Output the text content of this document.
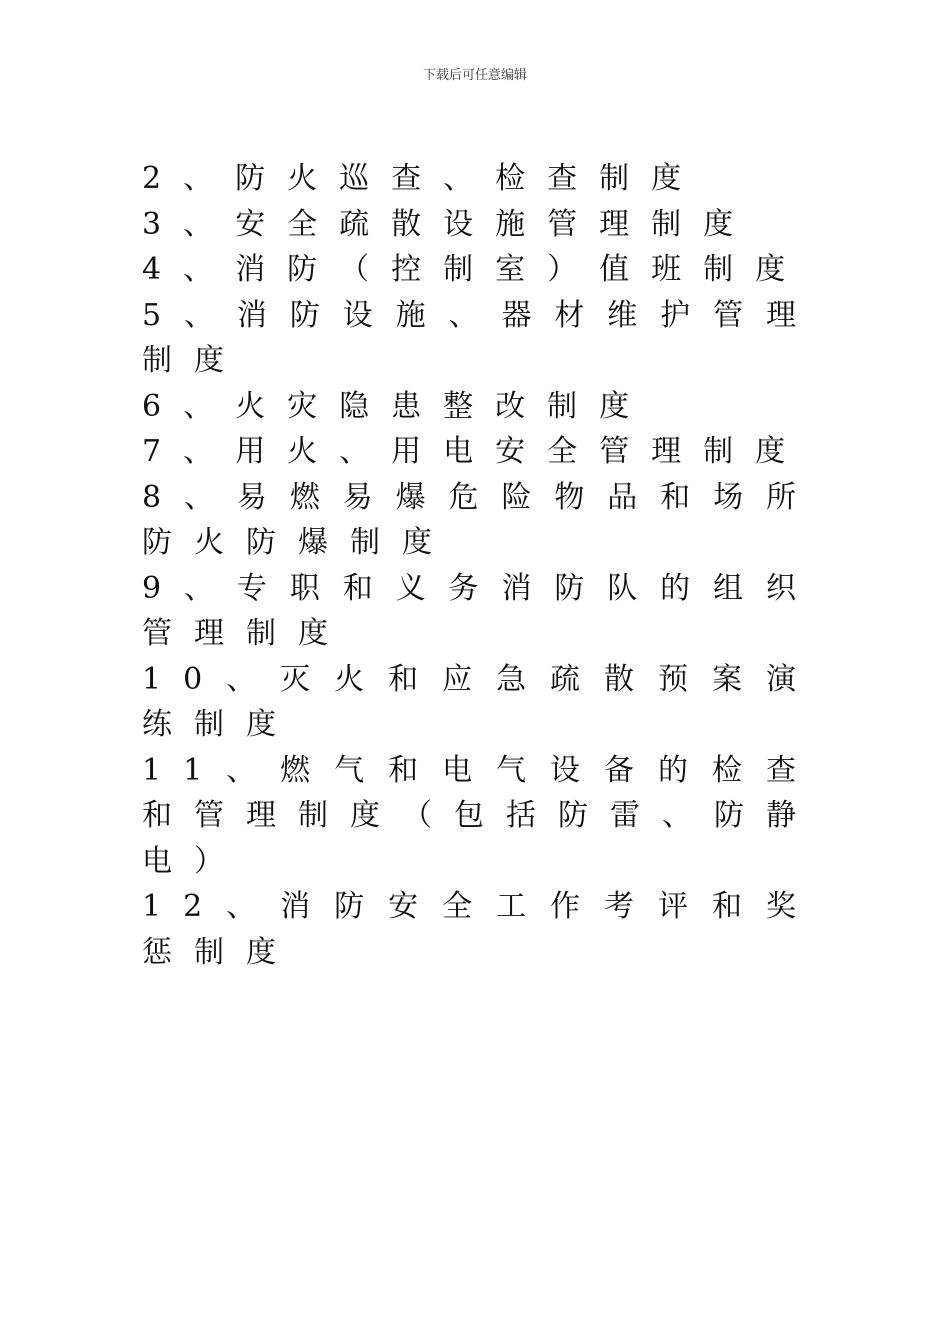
下载后可任意编辑

2、防火巡查、检查制度

3、安全疏散设施管理制度

4、消防（控制室）值班制度

5、消防设施、器材维护管理制度

6、火灾隐患整改制度

7、用火、用电安全管理制度

8、易燃易爆危险物品和场所防火防爆制度

9、专职和义务消防队的组织管理制度

10、灭火和应急疏散预案演练制度

11、燃气和电气设备的检查和管理制度（包括防雷、防静电）

12、消防安全工作考评和奖惩制度
